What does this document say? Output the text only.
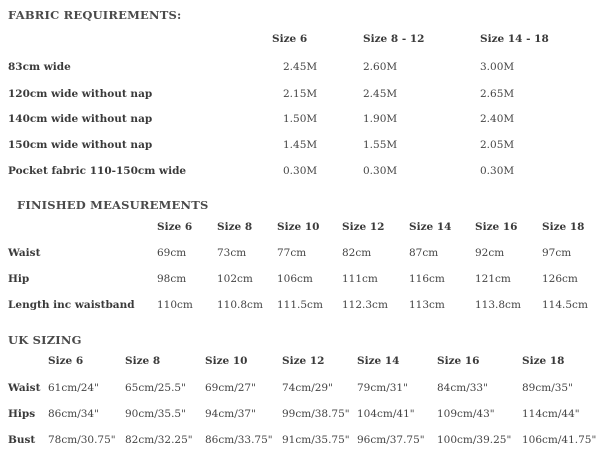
FABRIC REQUIREMENTS:
Size 6	Size 8 - 12	Size 14 - 18
83cm wide	2.45M	2.60M	3.00M
120cm wide without nap	2.15M	2.45M	2.65M
140cm wide without nap	1.50M	1.90M	2.40M
150cm wide without nap	1.45M	1.55M	2.05M
Pocket fabric 110-150cm wide	0.30M	0.30M	0.30M
FINISHED MEASUREMENTS
Size 6 Size 8 Size 10 Size 12 Size 14 Size 16 Size 18
Waist	69cm	73cm	77cm	82cm	87cm	92cm	97cm
Hip	98cm	102cm 106cm	111cm	116cm	121cm	126cm
Length inc waistband 110cm 110.8cm 111.5cm 112.3cm 113cm	113.8cm 114.5cm
UK SIZING
Size 6	Size 8	Size 10	Size 12	Size 14	Size 16	Size 18
Waist 61cm/24" 65cm/25.5" 69cm/27" 74cm/29" 79cm/31"	84cm/33"	89cm/35"
Hips 86cm/34" 90cm/35.5" 94cm/37" 99cm/38.75" 104cm/41" 109cm/43"	114cm/44"
Bust 78cm/30.75" 82cm/32.25" 86cm/33.75" 91cm/35.75" 96cm/37.75" 100cm/39.25" 106cm/41.75"
